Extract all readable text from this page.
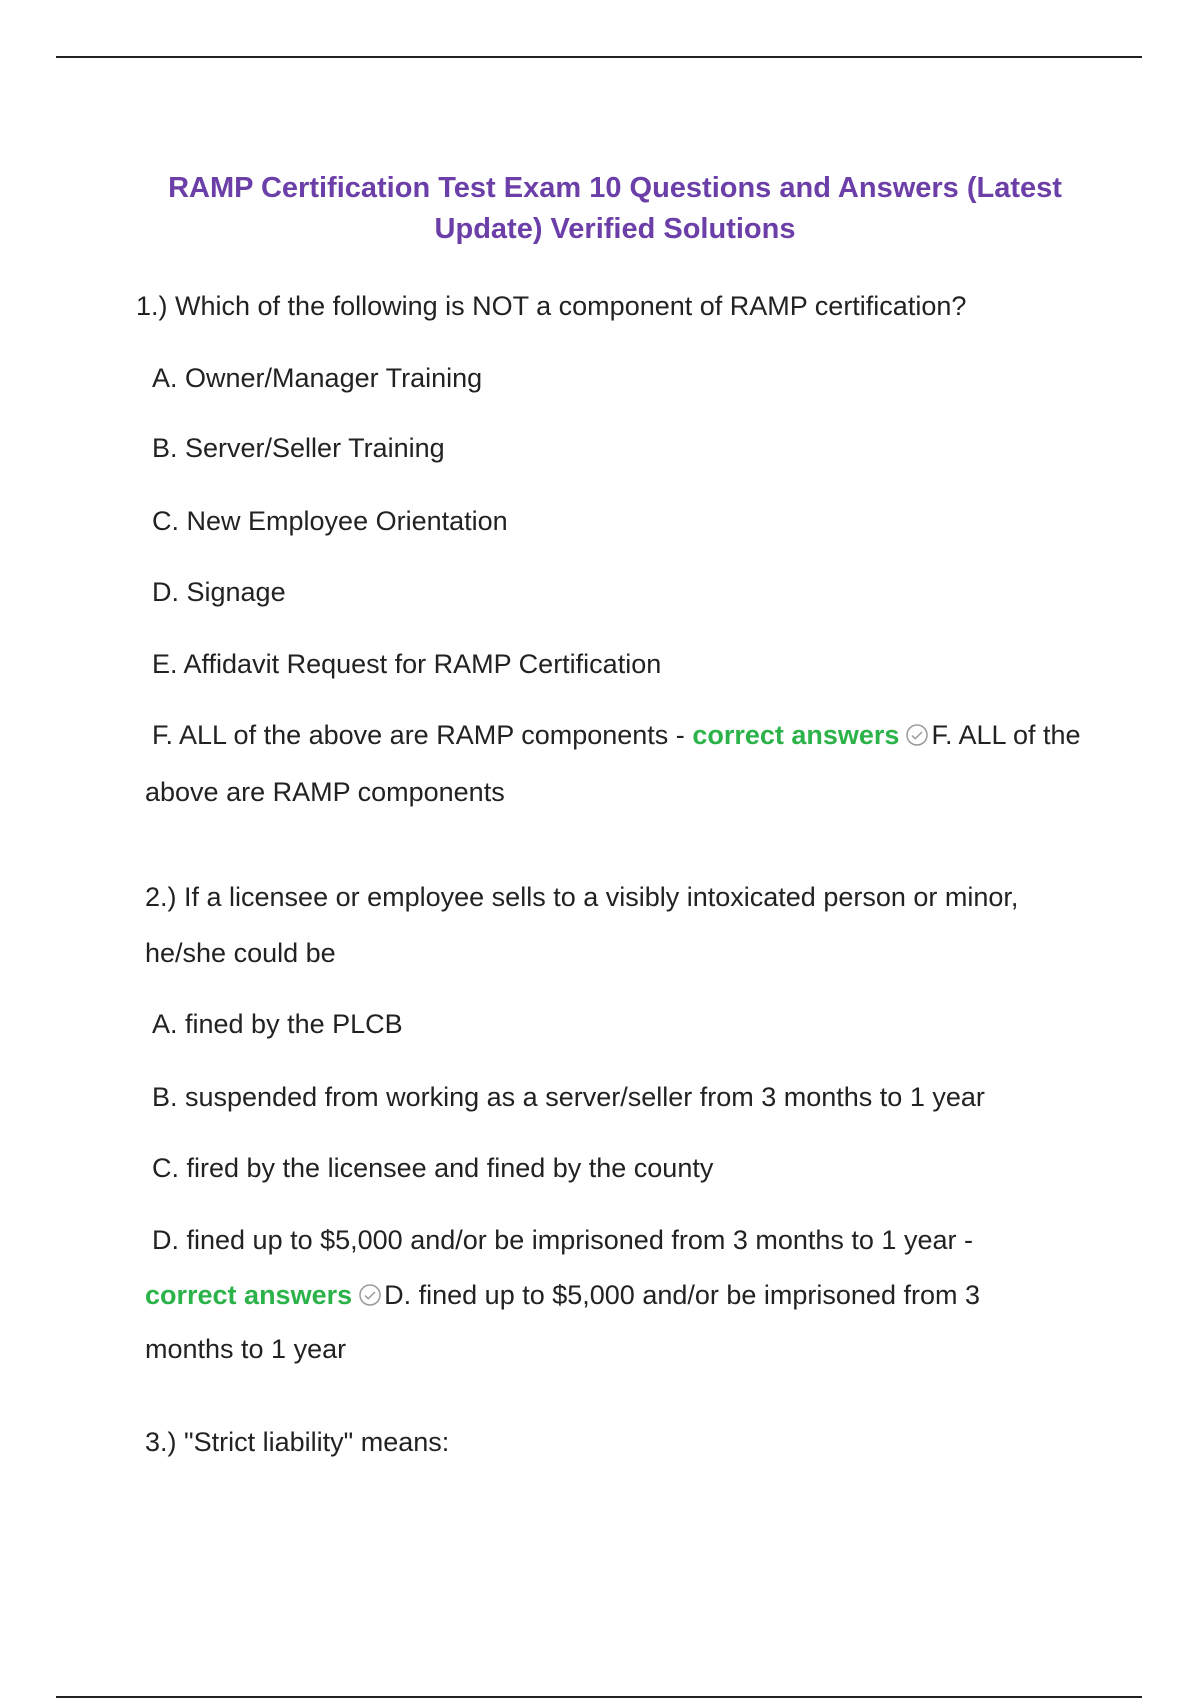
RAMP Certification Test Exam 10 Questions and Answers (Latest
Update) Verified Solutions
1.) Which of the following is NOT a component of RAMP certification?
A. Owner/Manager Training
B. Server/Seller Training
C. New Employee Orientation
D. Signage
E. Affidavit Request for RAMP Certification
F. ALL of the above are RAMP components - correct answers F. ALL of the
above are RAMP components
2.) If a licensee or employee sells to a visibly intoxicated person or minor,
he/she could be
A. fined by the PLCB
B. suspended from working as a server/seller from 3 months to 1 year
C. fired by the licensee and fined by the county
D. fined up to $5,000 and/or be imprisoned from 3 months to 1 year -
correct answers D. fined up to $5,000 and/or be imprisoned from 3
months to 1 year
3.) "Strict liability" means:
